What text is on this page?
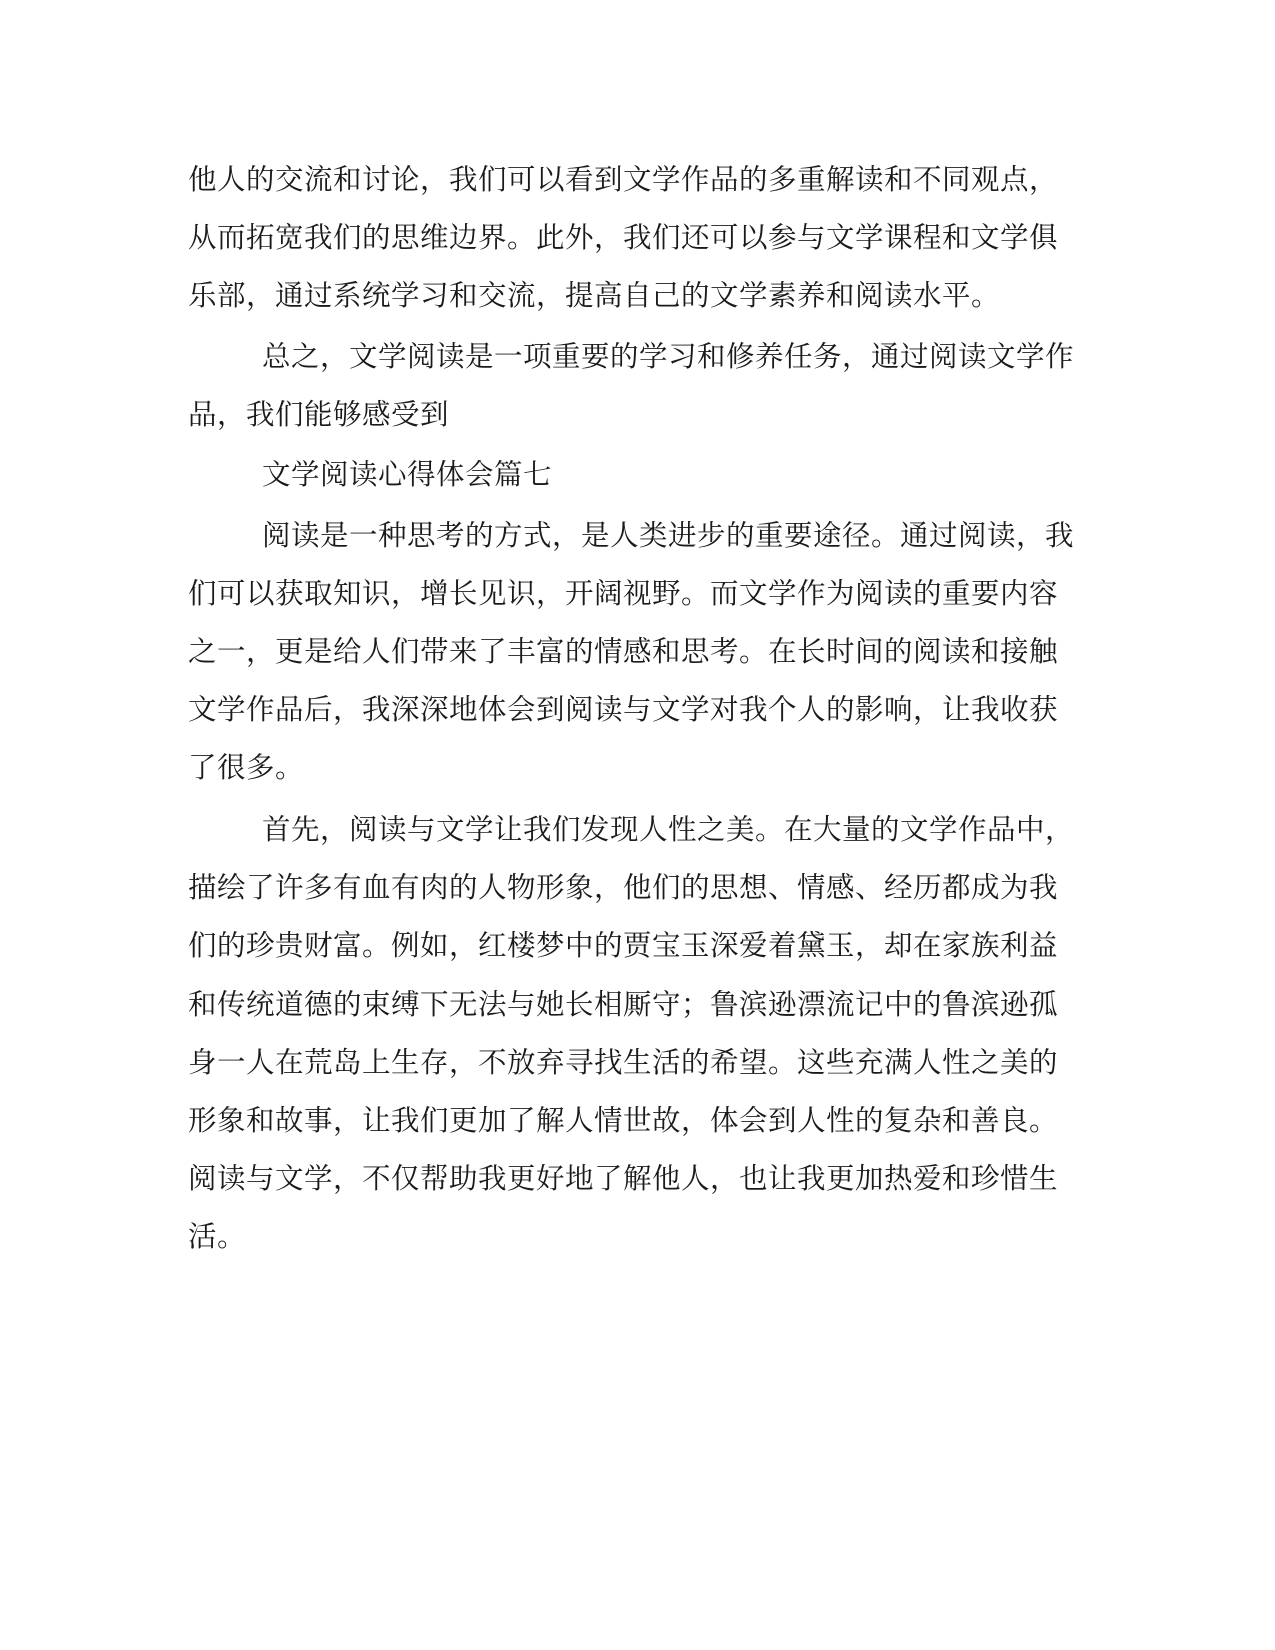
他人的交流和讨论，我们可以看到文学作品的多重解读和不同观点，
从而拓宽我们的思维边界。此外，我们还可以参与文学课程和文学俱
乐部，通过系统学习和交流，提高自己的文学素养和阅读水平。
总之，文学阅读是一项重要的学习和修养任务，通过阅读文学作
品，我们能够感受到
文学阅读心得体会篇七
阅读是一种思考的方式，是人类进步的重要途径。通过阅读，我
们可以获取知识，增长见识，开阔视野。而文学作为阅读的重要内容
之一，更是给人们带来了丰富的情感和思考。在长时间的阅读和接触
文学作品后，我深深地体会到阅读与文学对我个人的影响，让我收获
了很多。
首先，阅读与文学让我们发现人性之美。在大量的文学作品中，
描绘了许多有血有肉的人物形象，他们的思想、情感、经历都成为我
们的珍贵财富。例如，红楼梦中的贾宝玉深爱着黛玉，却在家族利益
和传统道德的束缚下无法与她长相厮守；鲁滨逊漂流记中的鲁滨逊孤
身一人在荒岛上生存，不放弃寻找生活的希望。这些充满人性之美的
形象和故事，让我们更加了解人情世故，体会到人性的复杂和善良。
阅读与文学，不仅帮助我更好地了解他人，也让我更加热爱和珍惜生
活。
